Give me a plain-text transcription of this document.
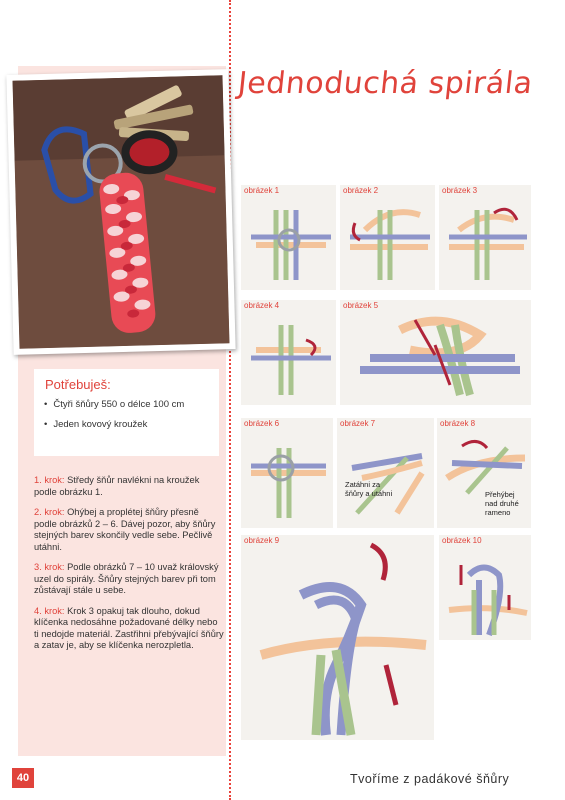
Jednoduchá spirála
Potřebuješ:
• Čtyři šňůry 550 o délce 100 cm
• Jeden kovový kroužek

1. krok: Středy šňůr navlékni na kroužek podle obrázku 1.

2. krok: Ohýbej a proplétej šňůry přesně podle obrázků 2 – 6. Dávej pozor, aby šňůry stejných barev skončily vedle sebe. Pečlivě utáhni.

3. krok: Podle obrázků 7 – 10 uvaž královský uzel do spirály. Šňůry stejných barev při tom zůstávají stále u sebe.

4. krok: Krok 3 opakuj tak dlouho, dokud klíčenka nedosáhne požadované délky nebo ti nedojde materiál. Zastřihni přebývající šňůry a zatav je, aby se klíčenka nerozpletla.

obrázek 1	obrázek 2	obrázek 3
obrázek 4	obrázek 5
obrázek 6	obrázek 7
Zatáhni za šňůry a utáhni
obrázek 8
Přehýbej nad druhé rameno
obrázek 9	obrázek 10
40	Tvoříme z padákové šňůry
